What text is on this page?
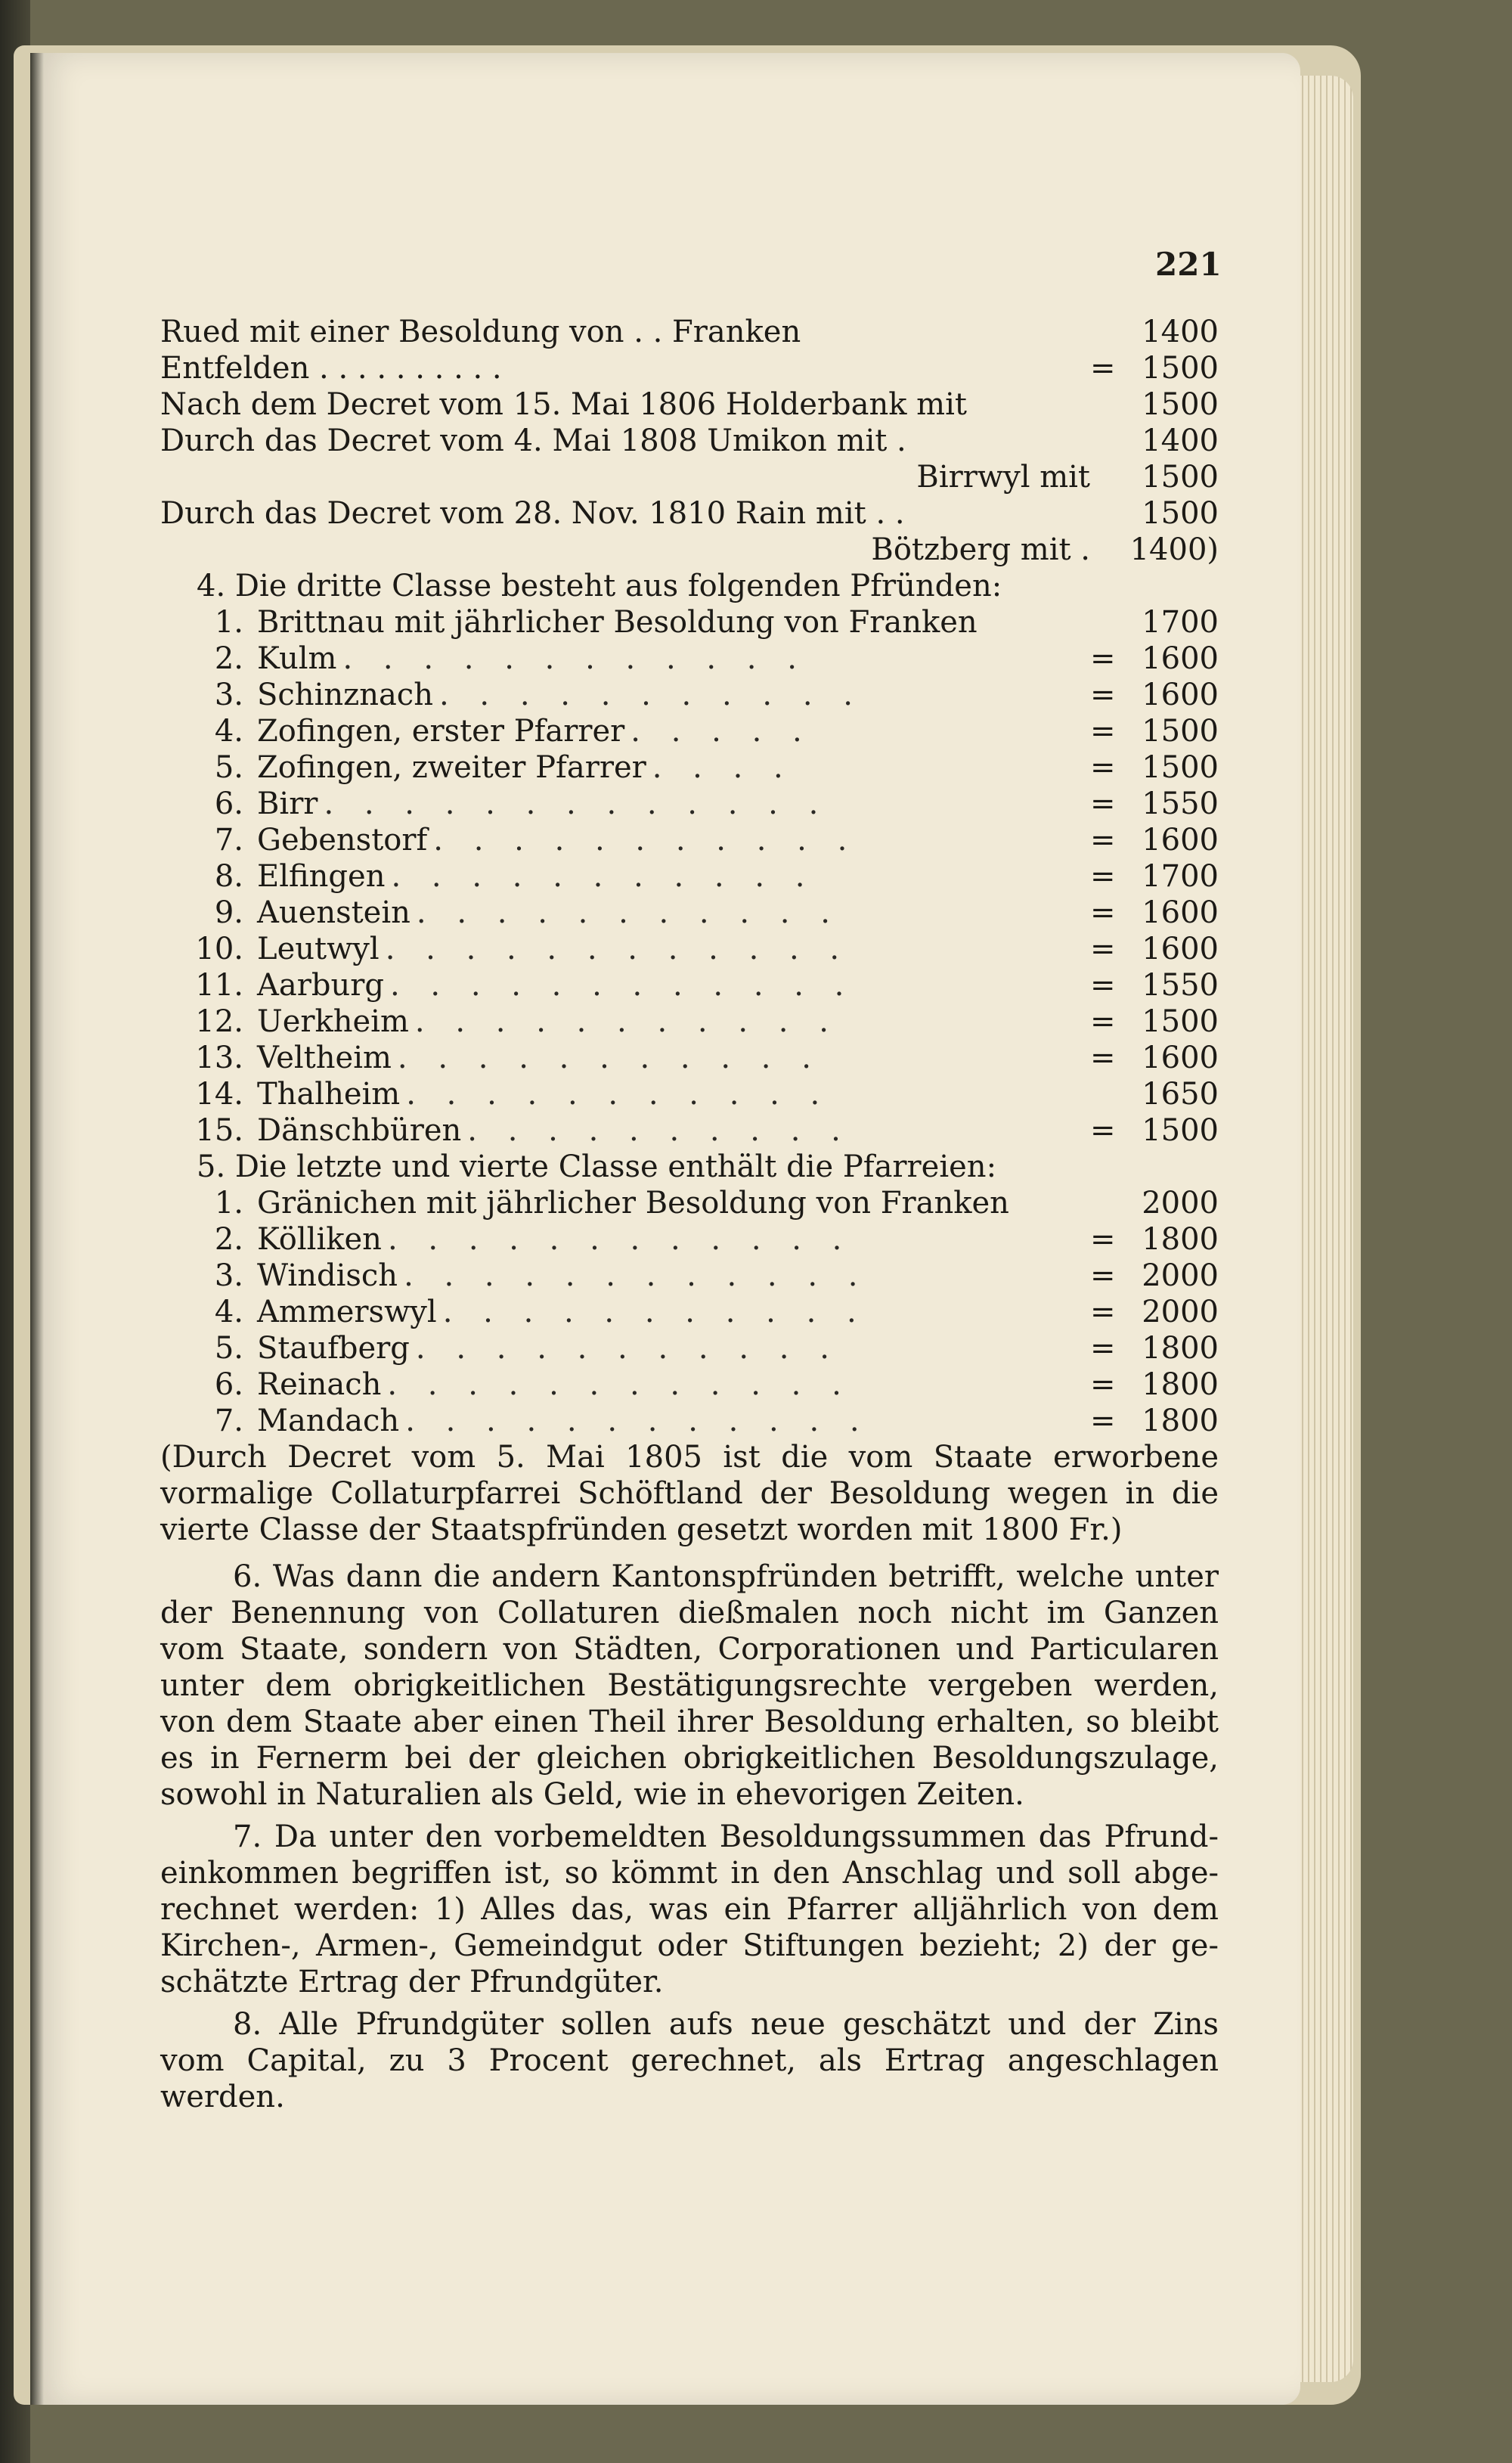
221
Rued mit einer Besoldung von . . Franken	1400
Entfelden . . . . . . . . . .	= 1500
Nach dem Decret vom 15. Mai 1806 Holderbank mit	1500
Durch das Decret vom 4. Mai 1808 Umikon mit .	1400
Birrwyl mit	1500
Durch das Decret vom 28. Nov. 1810 Rain mit . .	1500
Bötzberg mit .	1400)
4. Die dritte Classe besteht aus folgenden Pfründen:
1. Brittnau mit jährlicher Besoldung von Franken	1700
2. Kulm . . . . . . . . . . . .	= 1600
3. Schinznach . . . . . . . . . . .	= 1600
4. Zofingen, erster Pfarrer . . . . .	= 1500
5. Zofingen, zweiter Pfarrer . . . .	= 1500
6. Birr . . . . . . . . . . . . .	= 1550
7. Gebenstorf . . . . . . . . . . .	= 1600
8. Elfingen . . . . . . . . . . .	= 1700
9. Auenstein . . . . . . . . . . .	= 1600
10. Leutwyl . . . . . . . . . . . .	= 1600
11. Aarburg . . . . . . . . . . . .	= 1550
12. Uerkheim . . . . . . . . . . .	= 1500
13. Veltheim . . . . . . . . . . .	= 1600
14. Thalheim . . . . . . . . . . .	1650
15. Dänschbüren . . . . . . . . . .	= 1500
5. Die letzte und vierte Classe enthält die Pfarreien:
1. Gränichen mit jährlicher Besoldung von Franken	2000
2. Kölliken . . . . . . . . . . . .	= 1800
3. Windisch . . . . . . . . . . . .	= 2000
4. Ammerswyl . . . . . . . . . . .	= 2000
5. Staufberg . . . . . . . . . . .	= 1800
6. Reinach . . . . . . . . . . . .	= 1800
7. Mandach . . . . . . . . . . . .	= 1800

(Durch Decret vom 5. Mai 1805 ist die vom Staate erworbene vormalige Collaturpfarrei Schöftland der Besoldung wegen in die vierte Classe der Staatspfründen gesetzt worden mit 1800 Fr.)

6. Was dann die andern Kantonspfründen betrifft, welche unter der Benennung von Collaturen dießmalen noch nicht im Ganzen vom Staate, sondern von Städten, Corporationen und Particularen unter dem obrigkeitlichen Bestätigungsrechte vergeben werden, von dem Staate aber einen Theil ihrer Besoldung erhalten, so bleibt es in Fernerm bei der gleichen obrigkeitlichen Besoldungszulage, sowohl in Naturalien als Geld, wie in ehevorigen Zeiten.

7. Da unter den vorbemeldten Besoldungssummen das Pfrund-einkommen begriffen ist, so kömmt in den Anschlag und soll abge-rechnet werden: 1) Alles das, was ein Pfarrer alljährlich von dem Kirchen-, Armen-, Gemeindgut oder Stiftungen bezieht; 2) der ge-schätzte Ertrag der Pfrundgüter.

8. Alle Pfrundgüter sollen aufs neue geschätzt und der Zins vom Capital, zu 3 Procent gerechnet, als Ertrag angeschlagen werden.
